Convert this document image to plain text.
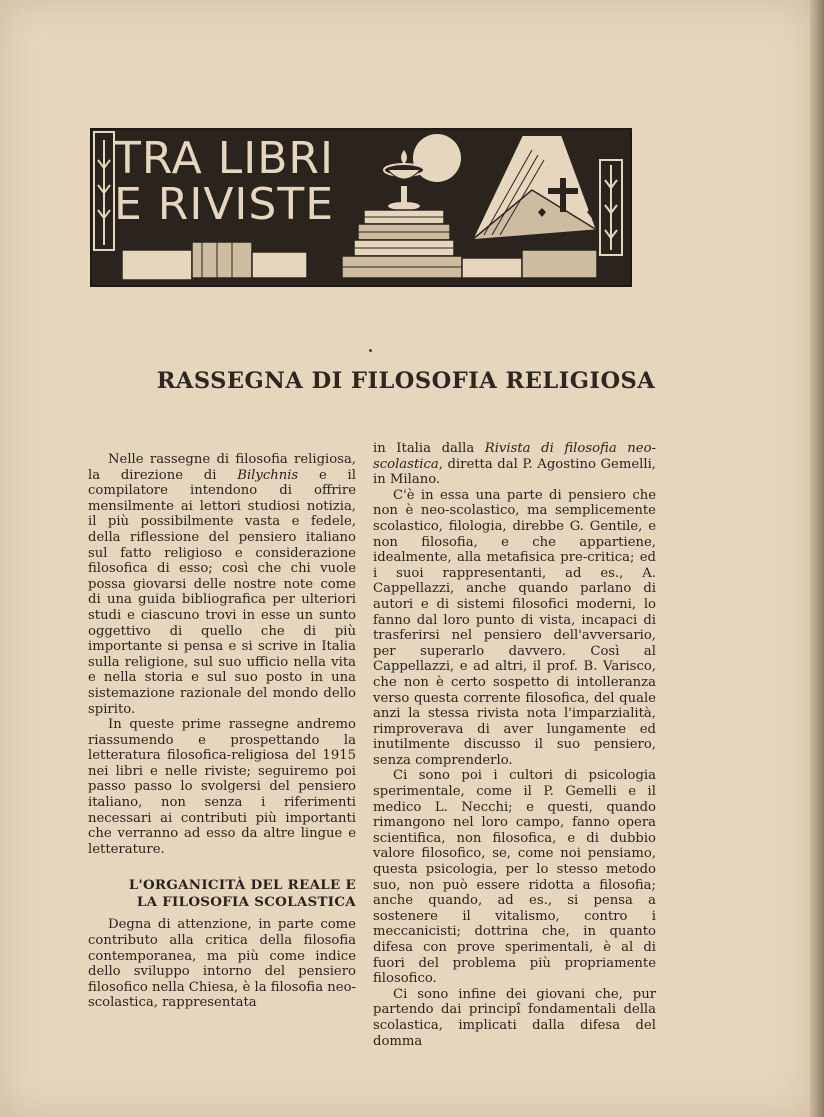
TRA LIBRI
E RIVISTE
RASSEGNA DI FILOSOFIA RELIGIOSA

Nelle rassegne di filosofia religiosa, la direzione di Bilychnis e il compilatore intendono di offrire mensilmente ai lettori studiosi notizia, il più possibilmente vasta e fedele, della riflessione del pensiero italiano sul fatto religioso e considerazione filosofica di esso; così che chi vuole possa giovarsi delle nostre note come di una guida bibliografica per ulteriori studi e ciascuno trovi in esse un sunto oggettivo di quello che di più importante si pensa e si scrive in Italia sulla religione, sul suo ufficio nella vita e nella storia e sul suo posto in una sistemazione razionale del mondo dello spirito.

In queste prime rassegne andremo riassumendo e prospettando la letteratura filosofica-religiosa del 1915 nei libri e nelle riviste; seguiremo poi passo passo lo svolgersi del pensiero italiano, non senza i riferimenti necessari ai contributi più importanti che verranno ad esso da altre lingue e letterature.

L'ORGANICITÀ DEL REALE E
LA FILOSOFIA SCOLASTICA

Degna di attenzione, in parte come contributo alla critica della filosofia contemporanea, ma più come indice dello sviluppo intorno del pensiero filosofico nella Chiesa, è la filosofia neo-scolastica, rappresentata

in Italia dalla Rivista di filosofia neo-scolastica, diretta dal P. Agostino Gemelli, in Milano.

C'è in essa una parte di pensiero che non è neo-scolastico, ma semplicemente scolastico, filologia, direbbe G. Gentile, e non filosofia, e che appartiene, idealmente, alla metafisica pre-critica; ed i suoi rappresentanti, ad es., A. Cappellazzi, anche quando parlano di autori e di sistemi filosofici moderni, lo fanno dal loro punto di vista, incapaci di trasferirsi nel pensiero dell'avversario, per superarlo davvero. Così al Cappellazzi, e ad altri, il prof. B. Varisco, che non è certo sospetto di intolleranza verso questa corrente filosofica, del quale anzi la stessa rivista nota l'imparzialità, rimproverava di aver lungamente ed inutilmente discusso il suo pensiero, senza comprenderlo.

Ci sono poi i cultori di psicologia sperimentale, come il P. Gemelli e il medico L. Necchi; e questi, quando rimangono nel loro campo, fanno opera scientifica, non filosofica, e di dubbio valore filosofico, se, come noi pensiamo, questa psicologia, per lo stesso metodo suo, non può essere ridotta a filosofia; anche quando, ad es., si pensa a sostenere il vitalismo, contro i meccanicisti; dottrina che, in quanto difesa con prove sperimentali, è al di fuori del problema più propriamente filosofico.

Ci sono infine dei giovani che, pur partendo dai principî fondamentali della scolastica, implicati dalla difesa del domma
